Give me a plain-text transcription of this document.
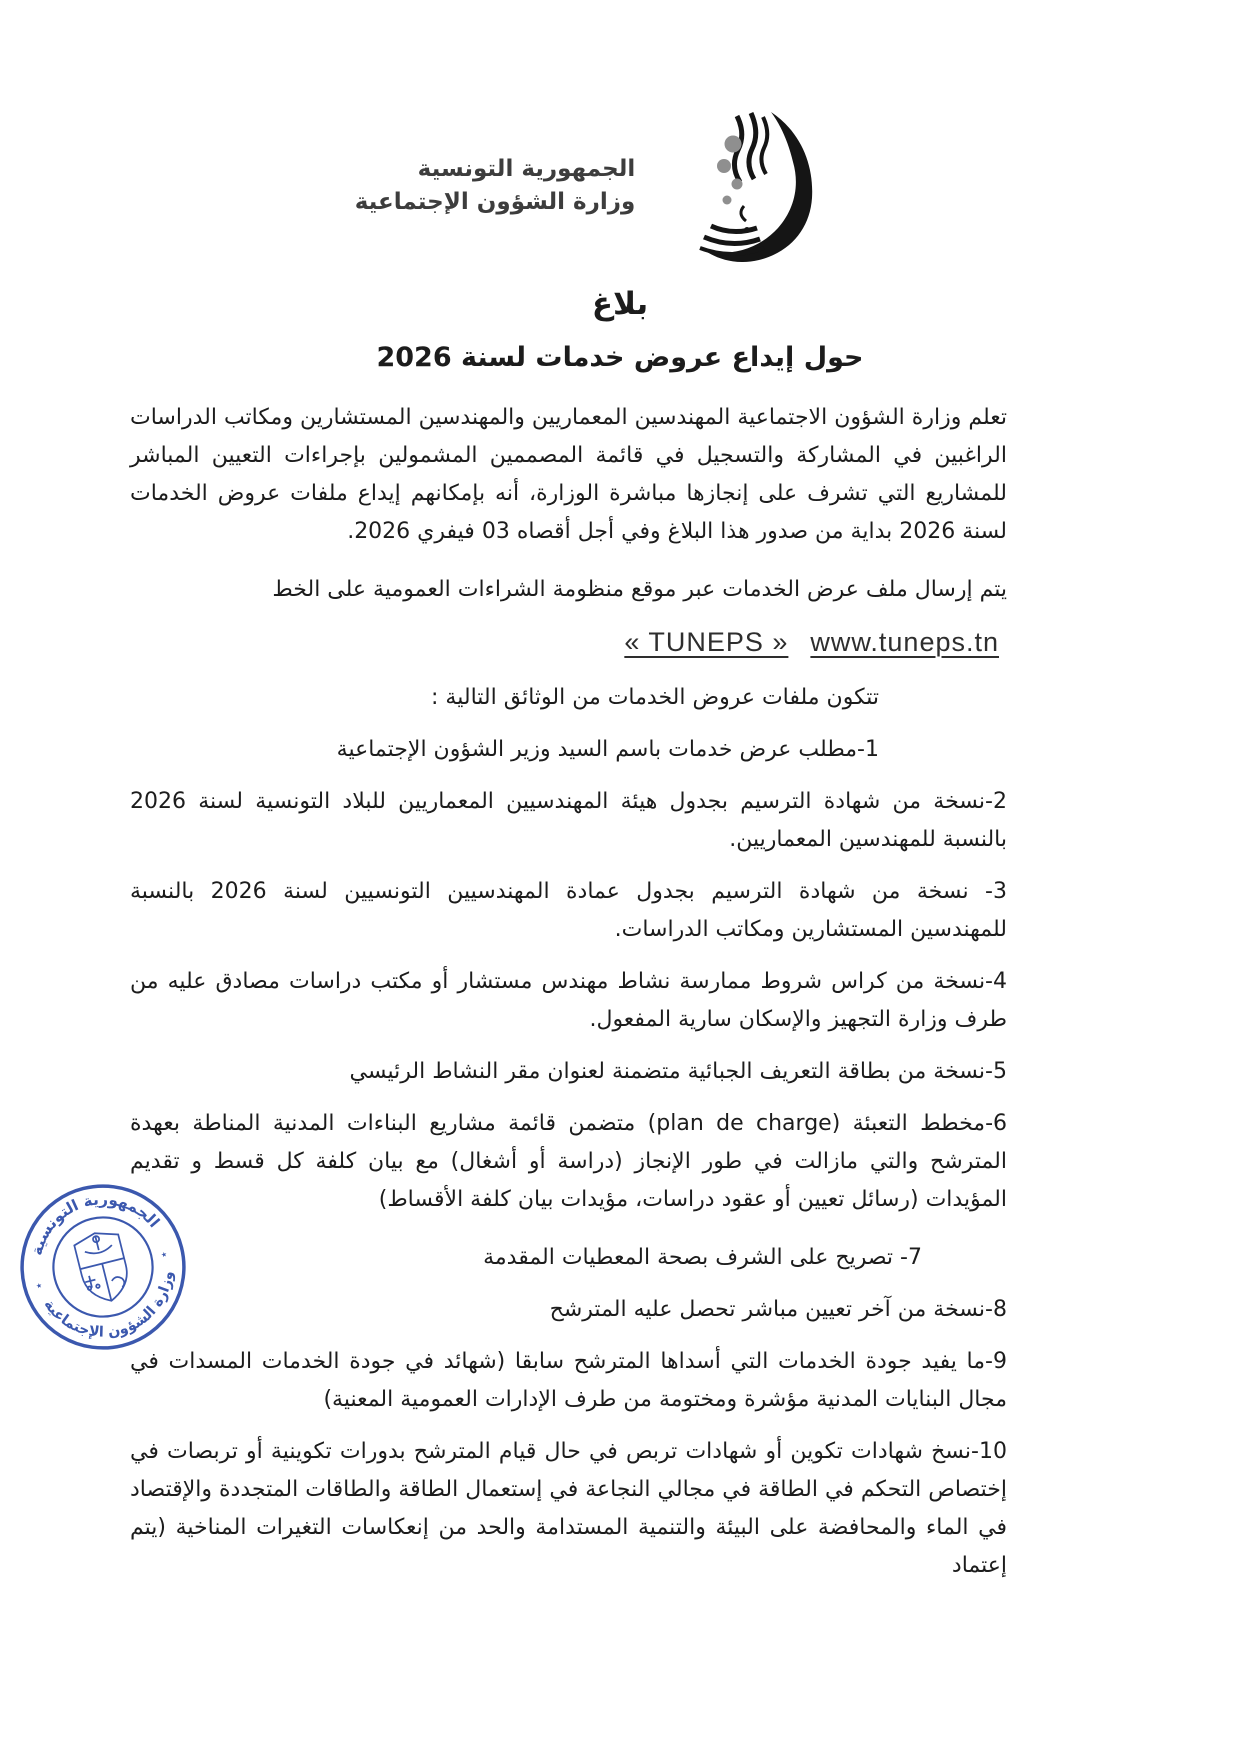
الجمهورية التونسية
وزارة الشؤون الإجتماعية
بلاغ
حول إيداع عروض خدمات لسنة 2026

تعلم وزارة الشؤون الاجتماعية المهندسين المعماريين والمهندسين المستشارين ومكاتب الدراسات الراغبين في المشاركة والتسجيل في قائمة المصممين المشمولين بإجراءات التعيين المباشر للمشاريع التي تشرف على إنجازها مباشرة الوزارة، أنه بإمكانهم إيداع ملفات عروض الخدمات لسنة 2026 بداية من صدور هذا البلاغ وفي أجل أقصاه 03 فيفري 2026.

يتم إرسال ملف عرض الخدمات عبر موقع منظومة الشراءات العمومية على الخط

« TUNEPS » www.tuneps.tn

تتكون ملفات عروض الخدمات من الوثائق التالية :

1-مطلب عرض خدمات باسم السيد وزير الشؤون الإجتماعية

2-نسخة من شهادة الترسيم بجدول هيئة المهندسيين المعماريين للبلاد التونسية لسنة 2026 بالنسبة للمهندسين المعماريين.

3- نسخة من شهادة الترسيم بجدول عمادة المهندسيين التونسيين لسنة 2026 بالنسبة للمهندسين المستشارين ومكاتب الدراسات.

4-نسخة من كراس شروط ممارسة نشاط مهندس مستشار أو مكتب دراسات مصادق عليه من طرف وزارة التجهيز والإسكان سارية المفعول.

5-نسخة من بطاقة التعريف الجبائية متضمنة لعنوان مقر النشاط الرئيسي

6-مخطط التعبئة (plan de charge) متضمن قائمة مشاريع البناءات المدنية المناطة بعهدة المترشح والتي مازالت في طور الإنجاز (دراسة أو أشغال) مع بيان كلفة كل قسط و تقديم المؤيدات (رسائل تعيين أو عقود دراسات، مؤيدات بيان كلفة الأقساط)

7- تصريح على الشرف بصحة المعطيات المقدمة

8-نسخة من آخر تعيين مباشر تحصل عليه المترشح

9-ما يفيد جودة الخدمات التي أسداها المترشح سابقا (شهائد في جودة الخدمات المسدات في مجال البنايات المدنية مؤشرة ومختومة من طرف الإدارات العمومية المعنية)

10-نسخ شهادات تكوين أو شهادات تربص في حال قيام المترشح بدورات تكوينية أو تربصات في إختصاص التحكم في الطاقة في مجالي النجاعة في إستعمال الطاقة والطاقات المتجددة والإقتصاد في الماء والمحافضة على البيئة والتنمية المستدامة والحد من إنعكاسات التغيرات المناخية (يتم إعتماد

الجمهورية التونسية
وزارة الشؤون الإجتماعية
٭
٭
